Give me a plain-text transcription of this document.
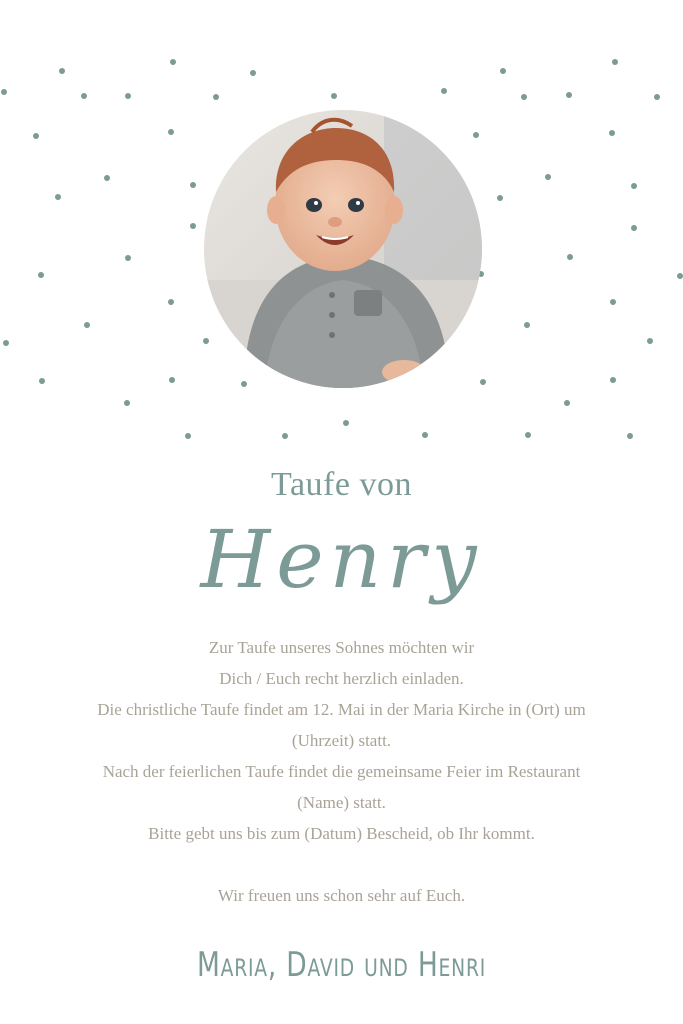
Taufe von
Henry

Zur Taufe unseres Sohnes möchten wir

Dich / Euch recht herzlich einladen.

Die christliche Taufe findet am 12. Mai in der Maria Kirche in (Ort) um

(Uhrzeit) statt.

Nach der feierlichen Taufe findet die gemeinsame Feier im Restaurant

(Name) statt.

Bitte gebt uns bis zum (Datum) Bescheid, ob Ihr kommt.

Wir freuen uns schon sehr auf Euch.

Maria, David und Henri
